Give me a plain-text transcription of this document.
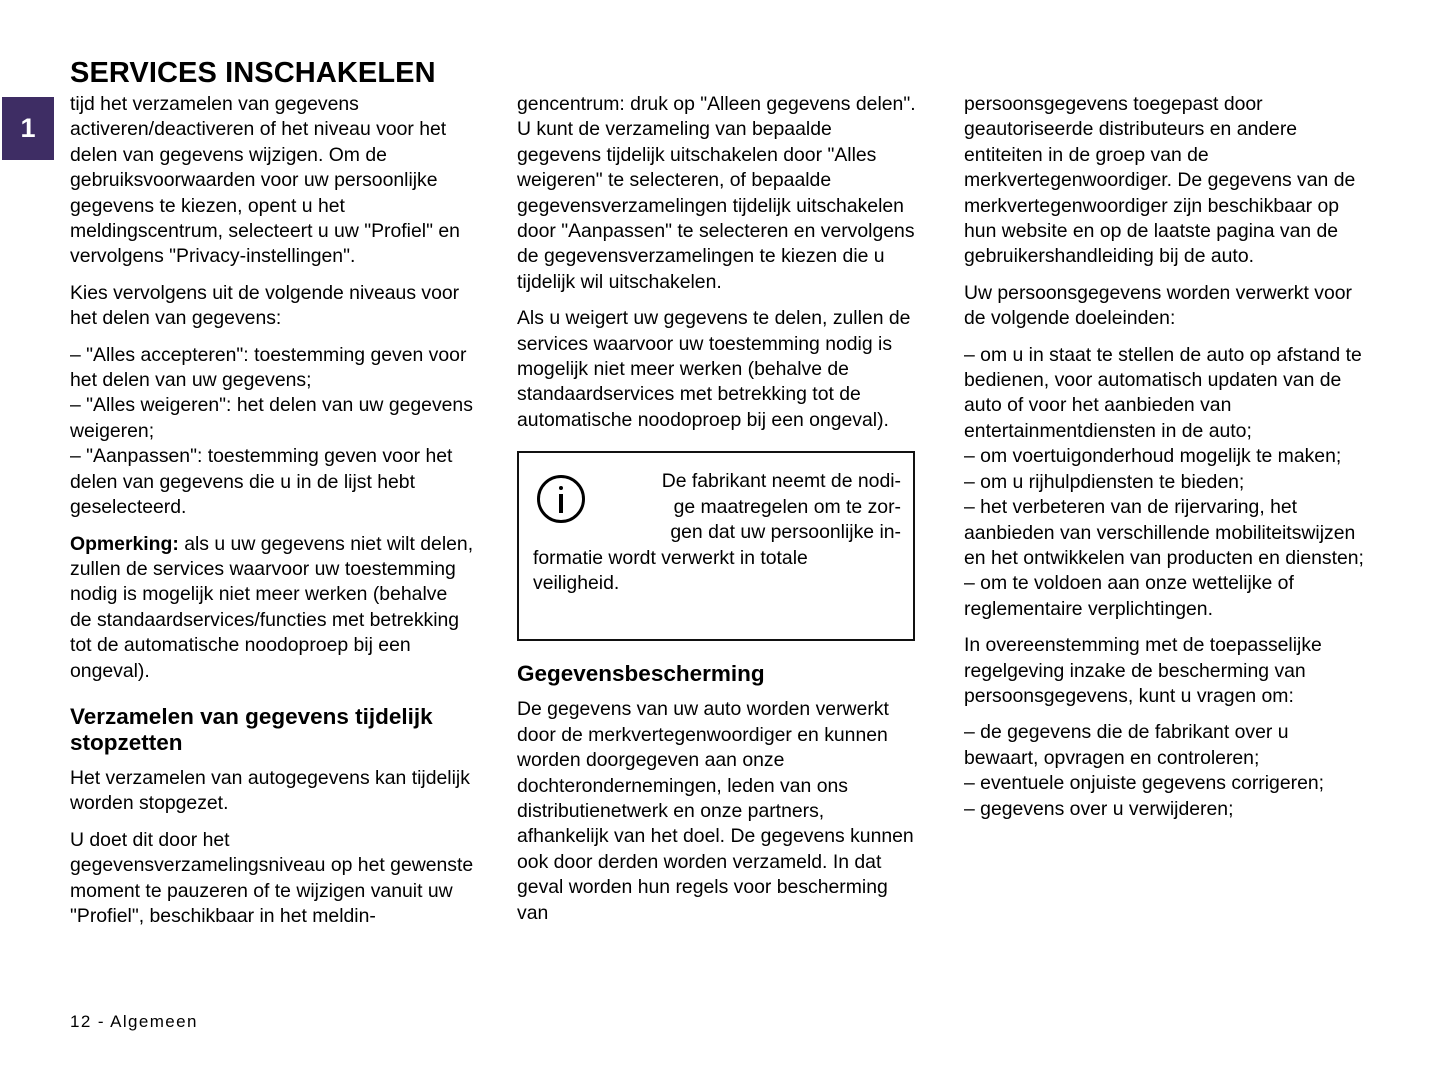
1
SERVICES INSCHAKELEN

tijd het verzamelen van gegevens activeren/deactiveren of het niveau voor het delen van gegevens wijzigen. Om de gebruiksvoorwaarden voor uw persoonlijke gegevens te kiezen, opent u het meldingscentrum, selecteert u uw "Profiel" en vervolgens "Privacy-instellingen".

Kies vervolgens uit de volgende niveaus voor het delen van gegevens:

– "Alles accepteren": toestemming geven voor het delen van uw gegevens;
– "Alles weigeren": het delen van uw gegevens weigeren;
– "Aanpassen": toestemming geven voor het delen van gegevens die u in de lijst hebt geselecteerd.

Opmerking: als u uw gegevens niet wilt delen, zullen de services waarvoor uw toestemming nodig is mogelijk niet meer werken (behalve de standaardservices/functies met betrekking tot de automatische noodoproep bij een ongeval).

Verzamelen van gegevens tijdelijk stopzetten

Het verzamelen van autogegevens kan tijdelijk worden stopgezet.

U doet dit door het gegevensverzamelingsniveau op het gewenste moment te pauzeren of te wijzigen vanuit uw "Profiel", beschikbaar in het meldin-

gencentrum: druk op "Alleen gegevens delen". U kunt de verzameling van bepaalde gegevens tijdelijk uitschakelen door "Alles weigeren" te selecteren, of bepaalde gegevensverzamelingen tijdelijk uitschakelen door "Aanpassen" te selecteren en vervolgens de gegevensverzamelingen te kiezen die u tijdelijk wil uitschakelen.

Als u weigert uw gegevens te delen, zullen de services waarvoor uw toestemming nodig is mogelijk niet meer werken (behalve de standaardservices met betrekking tot de automatische noodoproep bij een ongeval).

De fabrikant neemt de nodi-
ge maatregelen om te zor-
gen dat uw persoonlijke in-
formatie wordt verwerkt in totale
veiligheid.

Gegevensbescherming

De gegevens van uw auto worden verwerkt door de merkvertegenwoordiger en kunnen worden doorgegeven aan onze dochterondernemingen, leden van ons distributienetwerk en onze partners, afhankelijk van het doel. De gegevens kunnen ook door derden worden verzameld. In dat geval worden hun regels voor bescherming van

persoonsgegevens toegepast door geautoriseerde distributeurs en andere entiteiten in de groep van de merkvertegenwoordiger. De gegevens van de merkvertegenwoordiger zijn beschikbaar op hun website en op de laatste pagina van de gebruikershandleiding bij de auto.

Uw persoonsgegevens worden verwerkt voor de volgende doeleinden:

– om u in staat te stellen de auto op afstand te bedienen, voor automatisch updaten van de auto of voor het aanbieden van entertainmentdiensten in de auto;
– om voertuigonderhoud mogelijk te maken;
– om u rijhulpdiensten te bieden;
– het verbeteren van de rijervaring, het aanbieden van verschillende mobiliteitswijzen en het ontwikkelen van producten en diensten;
– om te voldoen aan onze wettelijke of reglementaire verplichtingen.

In overeenstemming met de toepasselijke regelgeving inzake de bescherming van persoonsgegevens, kunt u vragen om:

– de gegevens die de fabrikant over u bewaart, opvragen en controleren;
– eventuele onjuiste gegevens corrigeren;
– gegevens over u verwijderen;

12 - Algemeen
